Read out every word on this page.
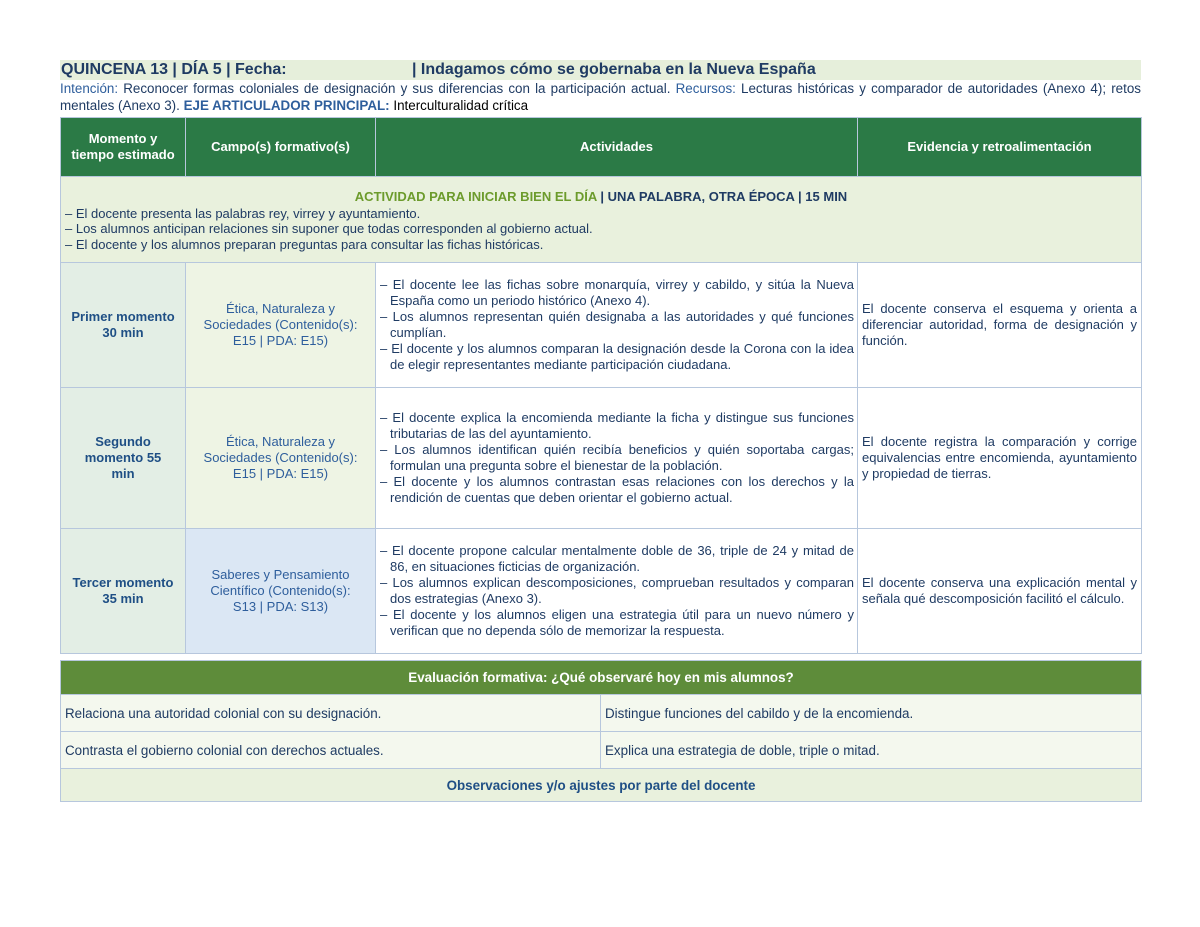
QUINCENA 13 | DÍA 5 | Fecha:	| Indagamos cómo se gobernaba en la Nueva España
Intención: Reconocer formas coloniales de designación y sus diferencias con la participación actual. Recursos: Lecturas históricas y comparador de autoridades (Anexo 4); retos mentales (Anexo 3). EJE ARTICULADOR PRINCIPAL: Interculturalidad crítica
Momento y tiempo estimado	Campo(s) formativo(s)	Actividades	Evidencia y retroalimentación

ACTIVIDAD PARA INICIAR BIEN EL DÍA | UNA PALABRA, OTRA ÉPOCA | 15 MIN
– El docente presenta las palabras rey, virrey y ayuntamiento.
– Los alumnos anticipan relaciones sin suponer que todas corresponden al gobierno actual.
– El docente y los alumnos preparan preguntas para consultar las fichas históricas.			

Primer momento 30 min	Ética, Naturaleza y Sociedades (Contenido(s): E15 | PDA: E15)	– El docente lee las fichas sobre monarquía, virrey y cabildo, y sitúa la Nueva España como un periodo histórico (Anexo 4).
– Los alumnos representan quién designaba a las autoridades y qué funciones cumplían.
– El docente y los alumnos comparan la designación desde la Corona con la idea de elegir representantes mediante participación ciudadana.	El docente conserva el esquema y orienta a diferenciar autoridad, forma de designación y función.

Segundo momento 55 min	Ética, Naturaleza y Sociedades (Contenido(s): E15 | PDA: E15)	– El docente explica la encomienda mediante la ficha y distingue sus funciones tributarias de las del ayuntamiento.
– Los alumnos identifican quién recibía beneficios y quién soportaba cargas; formulan una pregunta sobre el bienestar de la población.
– El docente y los alumnos contrastan esas relaciones con los derechos y la rendición de cuentas que deben orientar el gobierno actual.	El docente registra la comparación y corrige equivalencias entre encomienda, ayuntamiento y propiedad de tierras.

Tercer momento 35 min	Saberes y Pensamiento Científico (Contenido(s): S13 | PDA: S13)	– El docente propone calcular mentalmente doble de 36, triple de 24 y mitad de 86, en situaciones ficticias de organización.
– Los alumnos explican descomposiciones, comprueban resultados y comparan dos estrategias (Anexo 3).
– El docente y los alumnos eligen una estrategia útil para un nuevo número y verifican que no dependa sólo de memorizar la respuesta.	El docente conserva una explicación mental y señala qué descomposición facilitó el cálculo.
Evaluación formativa: ¿Qué observaré hoy en mis alumnos?	
Relaciona una autoridad colonial con su designación.	Distingue funciones del cabildo y de la encomienda.
Contrasta el gobierno colonial con derechos actuales.	Explica una estrategia de doble, triple o mitad.
Observaciones y/o ajustes por parte del docente	
